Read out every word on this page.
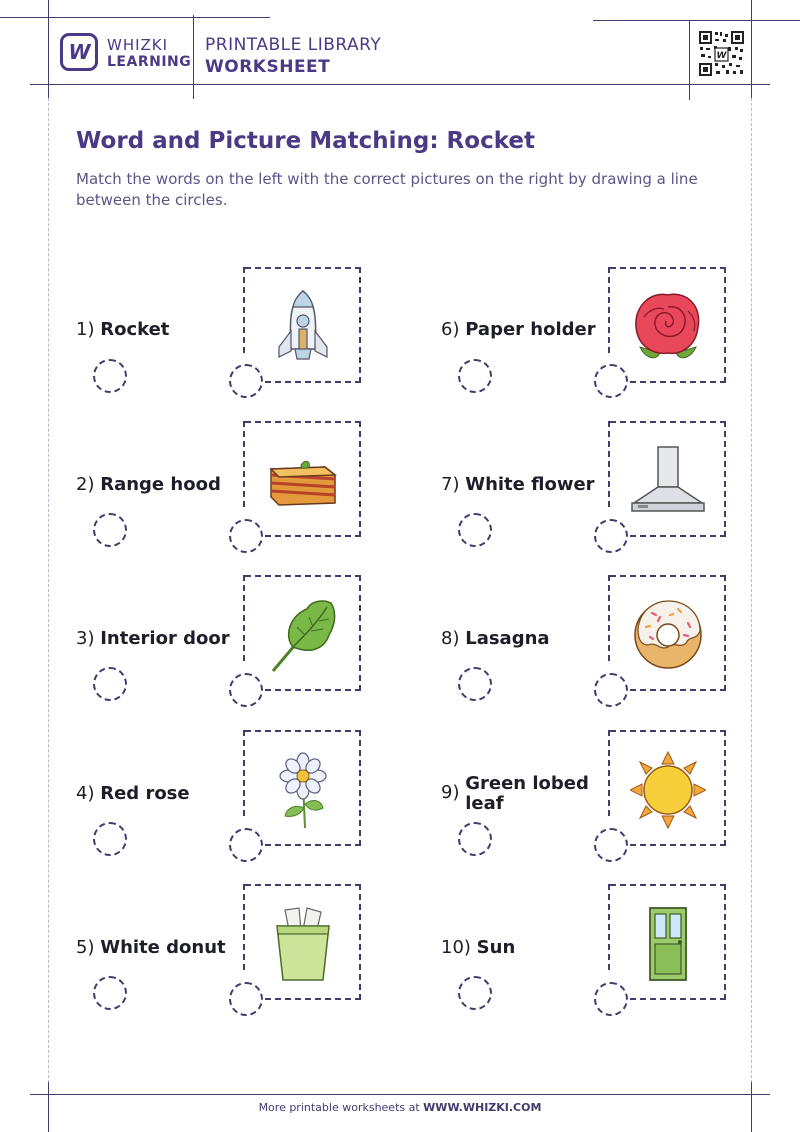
W WHIZKI
LEARNING
PRINTABLE LIBRARY
WORKSHEET
W
Word and Picture Matching: Rocket
Match the words on the left with the correct pictures on the right by drawing a line between the circles.
1) Rocket
2) Range hood
3) Interior door
4) Red rose
5) White donut
6) Paper holder
7) White flower
8) Lasagna
9) Green lobed leaf
10) Sun
More printable worksheets at WWW.WHIZKI.COM
